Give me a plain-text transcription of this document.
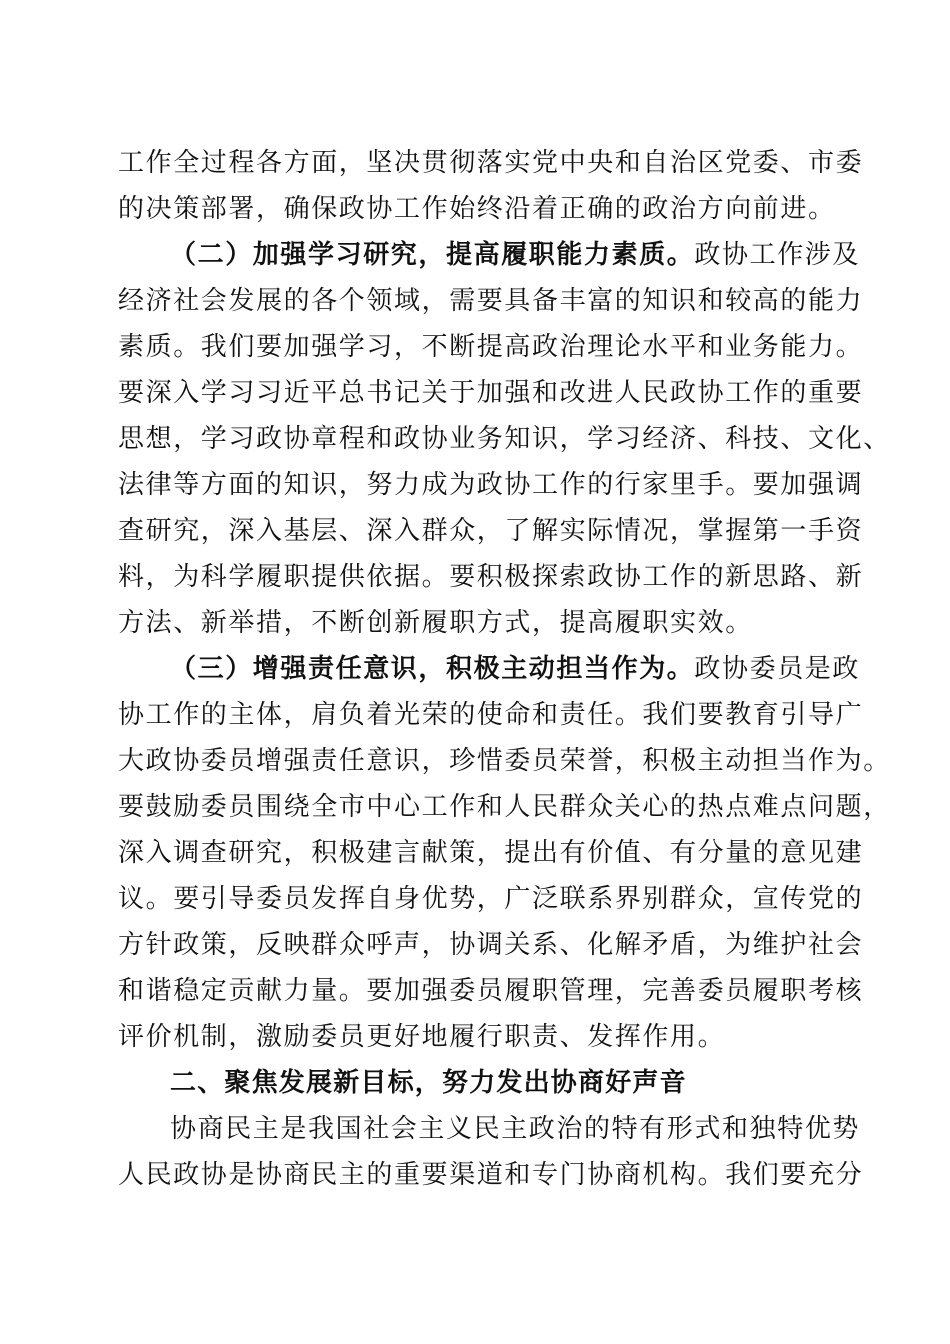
工作全过程各方面，坚决贯彻落实党中央和自治区党委、市委
的决策部署，确保政协工作始终沿着正确的政治方向前进。
（二）加强学习研究，提高履职能力素质。政协工作涉及
经济社会发展的各个领域，需要具备丰富的知识和较高的能力
素质。我们要加强学习，不断提高政治理论水平和业务能力。
要深入学习习近平总书记关于加强和改进人民政协工作的重要
思想，学习政协章程和政协业务知识，学习经济、科技、文化、
法律等方面的知识，努力成为政协工作的行家里手。要加强调
查研究，深入基层、深入群众，了解实际情况，掌握第一手资
料，为科学履职提供依据。要积极探索政协工作的新思路、新
方法、新举措，不断创新履职方式，提高履职实效。
（三）增强责任意识，积极主动担当作为。政协委员是政
协工作的主体，肩负着光荣的使命和责任。我们要教育引导广
大政协委员增强责任意识，珍惜委员荣誉，积极主动担当作为。
要鼓励委员围绕全市中心工作和人民群众关心的热点难点问题，
深入调查研究，积极建言献策，提出有价值、有分量的意见建
议。要引导委员发挥自身优势，广泛联系界别群众，宣传党的
方针政策，反映群众呼声，协调关系、化解矛盾，为维护社会
和谐稳定贡献力量。要加强委员履职管理，完善委员履职考核
评价机制，激励委员更好地履行职责、发挥作用。
二、聚焦发展新目标，努力发出协商好声音
协商民主是我国社会主义民主政治的特有形式和独特优势
人民政协是协商民主的重要渠道和专门协商机构。我们要充分
